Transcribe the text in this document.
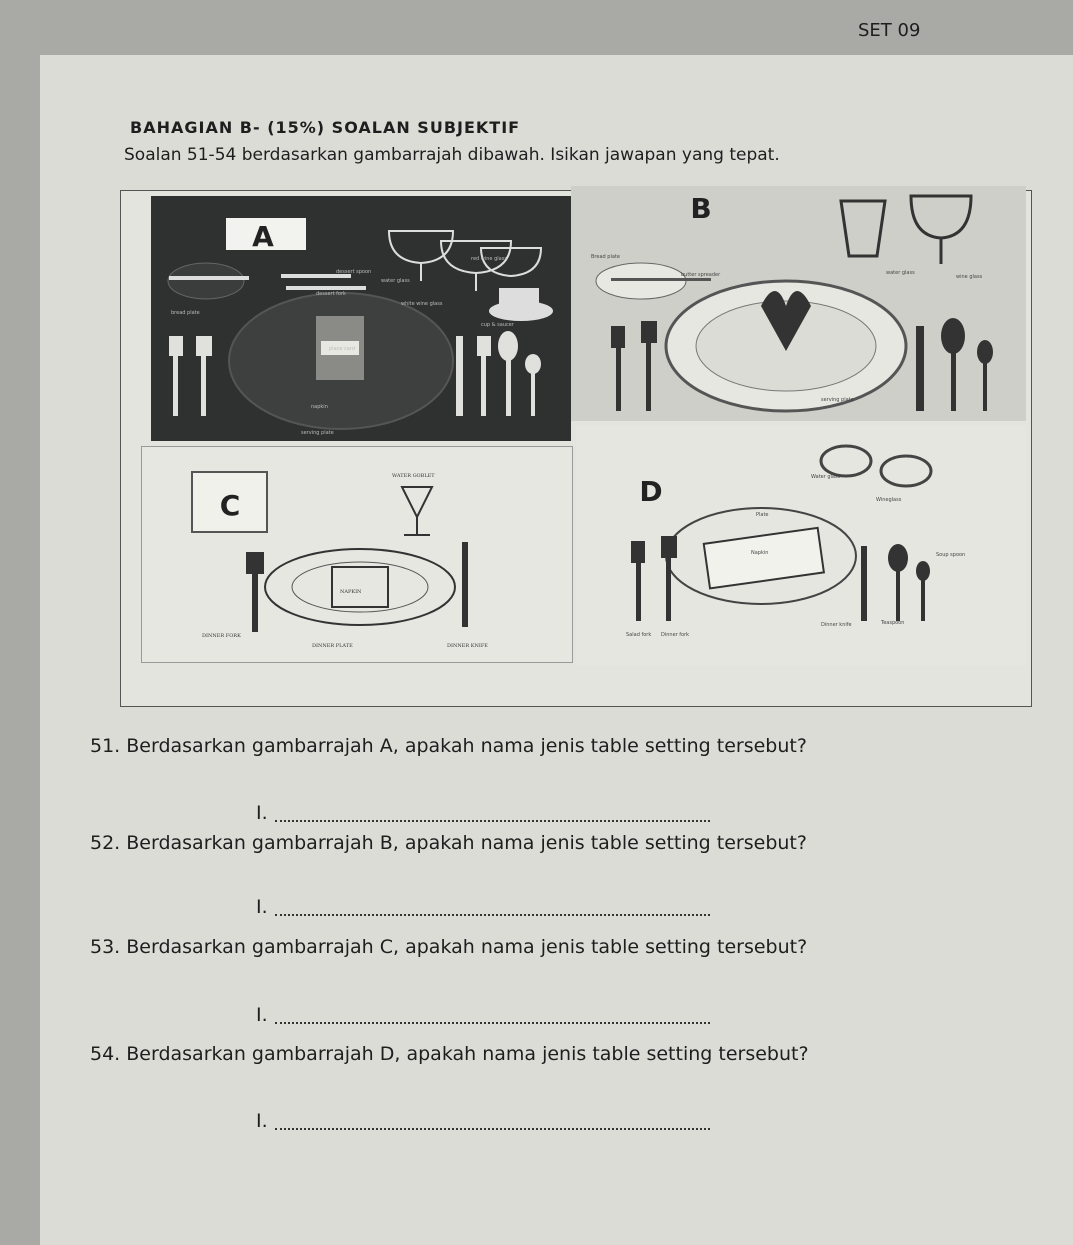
SET 09
BAHAGIAN B- (15%) SOALAN SUBJEKTIF
Soalan 51-54 berdasarkan gambarrajah dibawah. Isikan jawapan yang tepat.
A
dessert spoon
red wine glass
water glass
dessert fork
white wine glass
bread plate
cup & saucer
place card
napkin
serving plate
B
Bread plate
butter spreader	water glass
wine glass
serving plate
C
WATER GOBLET
NAPKIN
DINNER FORK
DINNER PLATE	DINNER KNIFE
D	Water glass
Wineglass
Plate
Napkin	Soup spoon
Salad fork Dinner fork
Dinner knife	Teaspoon
51. Berdasarkan gambarrajah A, apakah nama jenis table setting tersebut?
I.
52. Berdasarkan gambarrajah B, apakah nama jenis table setting tersebut?
I.
53. Berdasarkan gambarrajah C, apakah nama jenis table setting tersebut?
I.
54. Berdasarkan gambarrajah D, apakah nama jenis table setting tersebut?
I.
